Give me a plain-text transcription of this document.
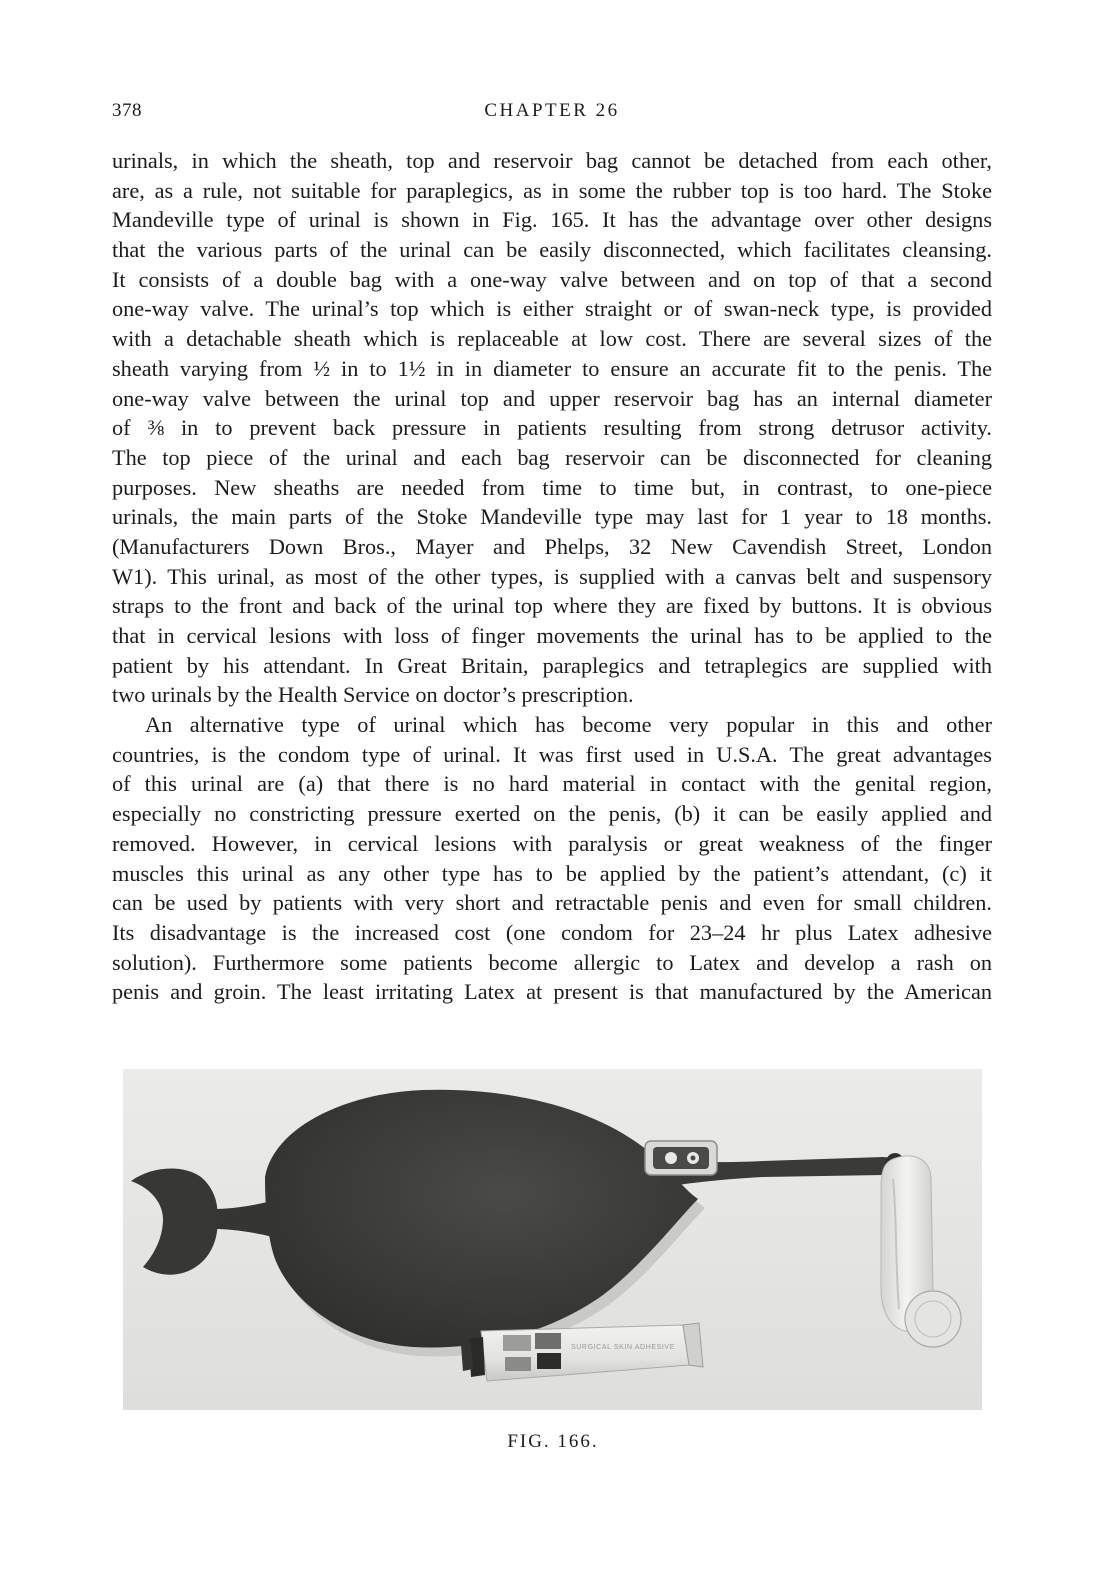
378	CHAPTER 26
urinals, in which the sheath, top and reservoir bag cannot be detached from each other,
are, as a rule, not suitable for paraplegics, as in some the rubber top is too hard. The Stoke
Mandeville type of urinal is shown in Fig. 165. It has the advantage over other designs
that the various parts of the urinal can be easily disconnected, which facilitates cleansing.
It consists of a double bag with a one-way valve between and on top of that a second
one-way valve. The urinal’s top which is either straight or of swan-neck type, is provided
with a detachable sheath which is replaceable at low cost. There are several sizes of the
sheath varying from ½ in to 1½ in in diameter to ensure an accurate fit to the penis. The
one-way valve between the urinal top and upper reservoir bag has an internal diameter
of ⅜ in to prevent back pressure in patients resulting from strong detrusor activity.
The top piece of the urinal and each bag reservoir can be disconnected for cleaning
purposes. New sheaths are needed from time to time but, in contrast, to one-piece
urinals, the main parts of the Stoke Mandeville type may last for 1 year to 18 months.
(Manufacturers Down Bros., Mayer and Phelps, 32 New Cavendish Street, London
W1). This urinal, as most of the other types, is supplied with a canvas belt and suspensory
straps to the front and back of the urinal top where they are fixed by buttons. It is obvious
that in cervical lesions with loss of finger movements the urinal has to be applied to the
patient by his attendant. In Great Britain, paraplegics and tetraplegics are supplied with
two urinals by the Health Service on doctor’s prescription.
An alternative type of urinal which has become very popular in this and other
countries, is the condom type of urinal. It was first used in U.S.A. The great advantages
of this urinal are (a) that there is no hard material in contact with the genital region,
especially no constricting pressure exerted on the penis, (b) it can be easily applied and
removed. However, in cervical lesions with paralysis or great weakness of the finger
muscles this urinal as any other type has to be applied by the patient’s attendant, (c) it
can be used by patients with very short and retractable penis and even for small children.
Its disadvantage is the increased cost (one condom for 23–24 hr plus Latex adhesive
solution). Furthermore some patients become allergic to Latex and develop a rash on
penis and groin. The least irritating Latex at present is that manufactured by the American
SURGICAL SKIN ADHESIVE
FIG. 166.
